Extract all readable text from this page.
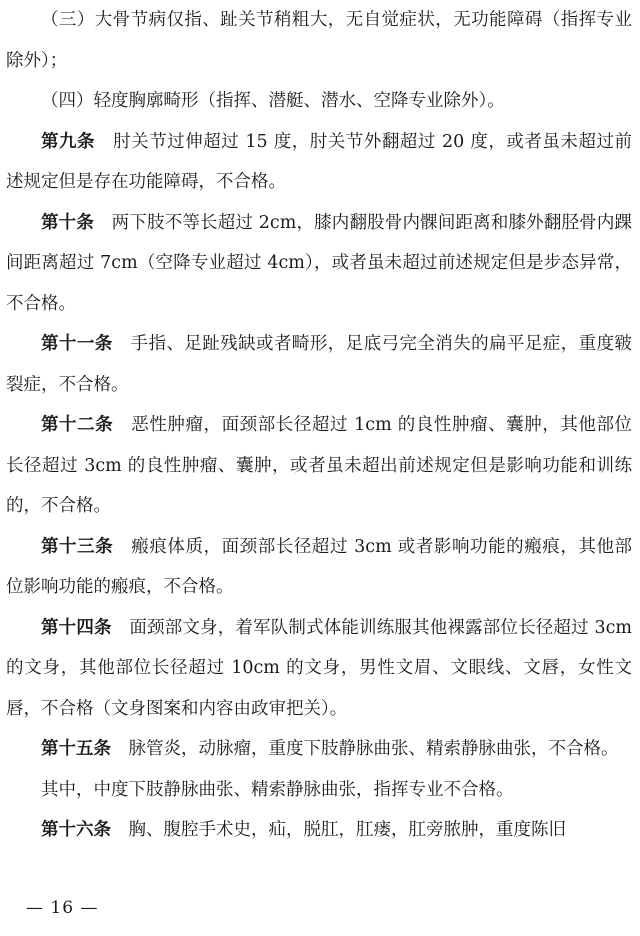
（三）大骨节病仅指、趾关节稍粗大，无自觉症状，无功能障碍（指挥专业除外）；

（四）轻度胸廓畸形（指挥、潜艇、潜水、空降专业除外）。

第九条　肘关节过伸超过 15 度，肘关节外翻超过 20 度，或者虽未超过前述规定但是存在功能障碍，不合格。

第十条　两下肢不等长超过 2cm，膝内翻股骨内髁间距离和膝外翻胫骨内踝间距离超过 7cm（空降专业超过 4cm），或者虽未超过前述规定但是步态异常，不合格。

第十一条　手指、足趾残缺或者畸形，足底弓完全消失的扁平足症，重度皲裂症，不合格。

第十二条　恶性肿瘤，面颈部长径超过 1cm 的良性肿瘤、囊肿，其他部位长径超过 3cm 的良性肿瘤、囊肿，或者虽未超出前述规定但是影响功能和训练的，不合格。

第十三条　瘢痕体质，面颈部长径超过 3cm 或者影响功能的瘢痕，其他部位影响功能的瘢痕，不合格。

第十四条　面颈部文身，着军队制式体能训练服其他裸露部位长径超过 3cm 的文身，其他部位长径超过 10cm 的文身，男性文眉、文眼线、文唇，女性文唇，不合格（文身图案和内容由政审把关）。

第十五条　脉管炎，动脉瘤，重度下肢静脉曲张、精索静脉曲张，不合格。

其中，中度下肢静脉曲张、精索静脉曲张，指挥专业不合格。

第十六条　胸、腹腔手术史，疝，脱肛，肛瘘，肛旁脓肿，重度陈旧

— 16 —
